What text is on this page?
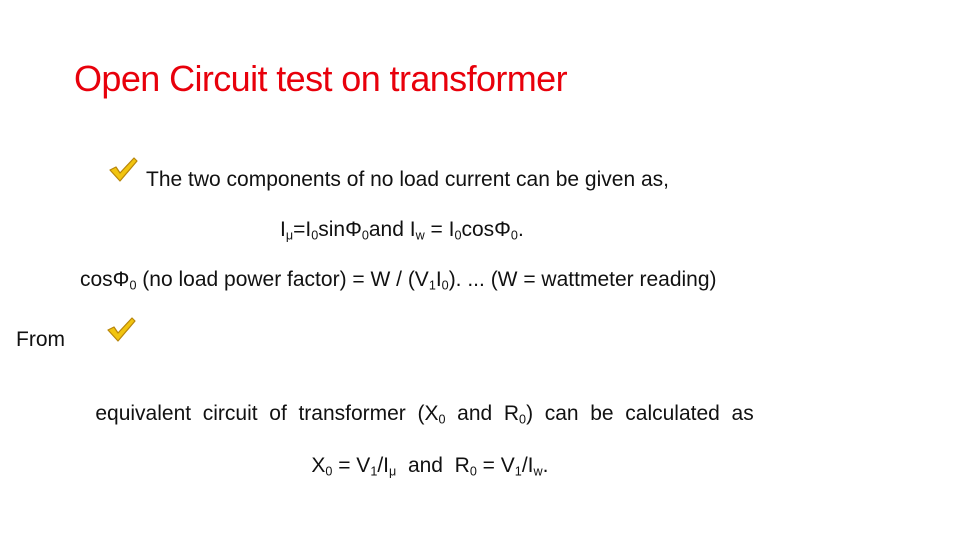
Open Circuit test on transformer
The two components of no load current can be given as,
$I_\mu=I_0\sin\Phi_0and$ $I_w = I_0\cos\Phi_0$.
cosΦ$_0$ (no load power factor) = W / $(V_1I_0)$. ... (W = wattmeter reading)
From

equivalent  circuit  of  transformer  ($X_0$  and  $R_0$)  can  be  calculated  as

$X_0 = V_1/I_\mu$  and  $R_0 = V_1/I_w$.
